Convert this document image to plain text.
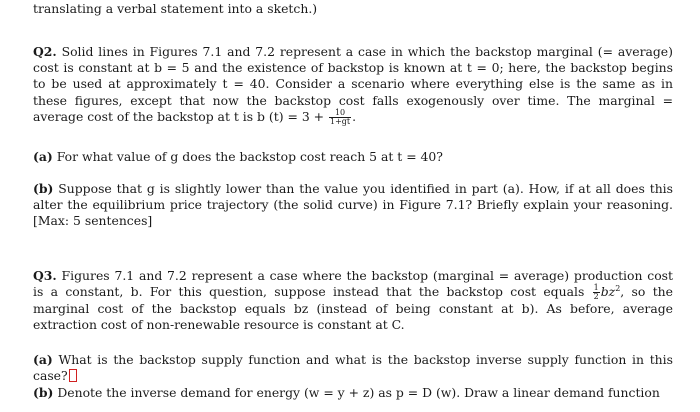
translating a verbal statement into a sketch.)

Q2. Solid lines in Figures 7.1 and 7.2 represent a case in which the backstop marginal (= average) cost is constant at b = 5 and the existence of backstop is known at t = 0; here, the backstop begins to be used at approximately t = 40. Consider a scenario where everything else is the same as in these figures, except that now the backstop cost falls exogenously over time. The marginal = average cost of the backstop at t is b $(t) = 3 + \frac{10}{1+gt}$ .

(a) For what value of g does the backstop cost reach 5 at t = 40?

(b) Suppose that g is slightly lower than the value you identified in part (a). How, if at all does this alter the equilibrium price trajectory (the solid curve) in Figure 7.1? Briefly explain your reasoning. [Max: 5 sentences]

Q3. Figures 7.1 and 7.2 represent a case where the backstop (marginal = average) production cost is a constant, b. For this question, suppose instead that the backstop cost equals $\frac{1}{2} bz^2$, so the marginal cost of the backstop equals bz (instead of being constant at b). As before, average extraction cost of non-renewable resource is constant at C.

(a) What is the backstop supply function and what is the backstop inverse supply function in this case?

(b) Denote the inverse demand for energy (w = y + z) as p = D (w). Draw a linear demand function
